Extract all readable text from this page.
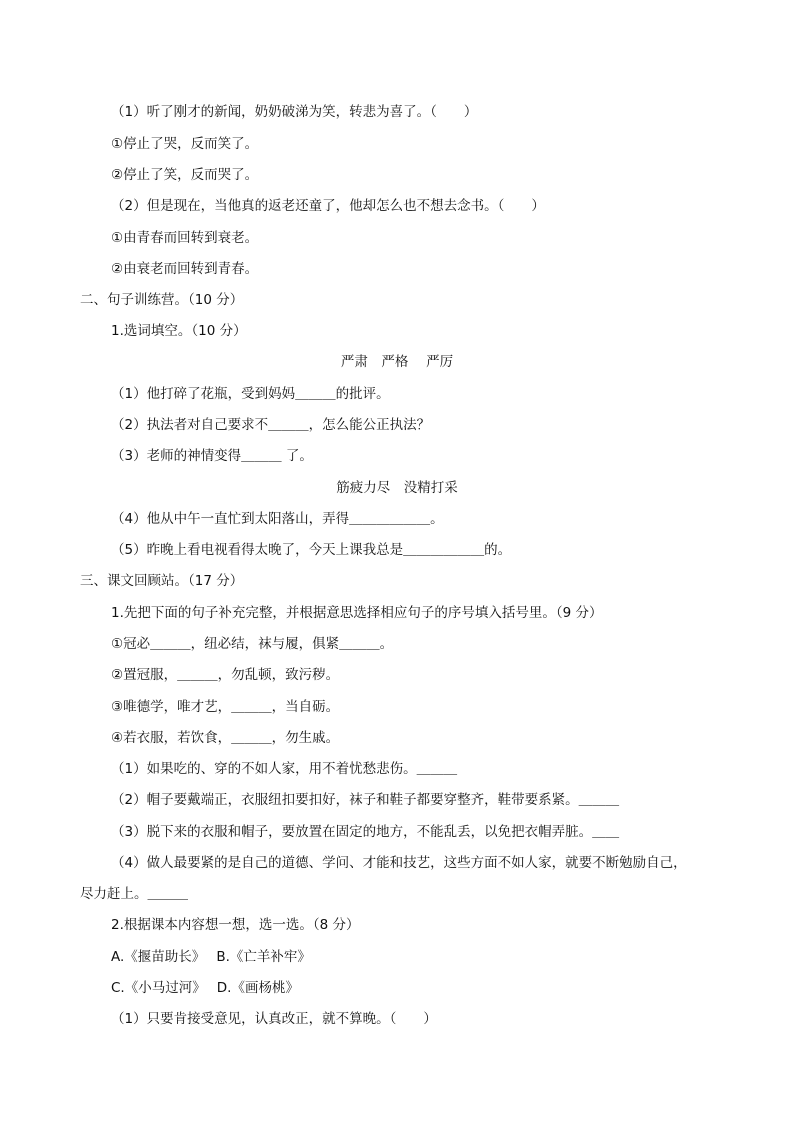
（1）听了刚才的新闻，奶奶破涕为笑，转悲为喜了。（　　）
①停止了哭，反而笑了。
②停止了笑，反而哭了。
（2）但是现在，当他真的返老还童了，他却怎么也不想去念书。（　　）
①由青春而回转到衰老。
②由衰老而回转到青春。
二、句子训练营。（10 分）
1.选词填空。（10 分）
严肃　严格　 严厉
（1）他打碎了花瓶，受到妈妈＿＿＿的批评。
（2）执法者对自己要求不＿＿＿，怎么能公正执法？
（3）老师的神情变得＿＿＿ 了。
筋疲力尽　没精打采
（4）他从中午一直忙到太阳落山，弄得＿＿＿＿＿＿。
（5）昨晚上看电视看得太晚了，今天上课我总是＿＿＿＿＿＿的。
三、课文回顾站。（17 分）
1.先把下面的句子补充完整，并根据意思选择相应句子的序号填入括号里。（9 分）
①冠必＿＿＿，纽必结，袜与履，俱紧＿＿＿。
②置冠服，＿＿＿，勿乱顿，致污秽。
③唯德学，唯才艺，＿＿＿，当自砺。
④若衣服，若饮食，＿＿＿，勿生戚。
（1）如果吃的、穿的不如人家，用不着忧愁悲伤。＿＿＿
（2）帽子要戴端正，衣服纽扣要扣好，袜子和鞋子都要穿整齐，鞋带要系紧。＿＿＿
（3）脱下来的衣服和帽子，要放置在固定的地方，不能乱丢，以免把衣帽弄脏。＿＿
（4）做人最要紧的是自己的道德、学问、才能和技艺，这些方面不如人家，就要不断勉励自己，
尽力赶上。＿＿＿
2.根据课本内容想一想，选一选。（8 分）
A.《揠苗助长》　 B.《亡羊补牢》
C.《小马过河》　 D.《画杨桃》
（1）只要肯接受意见，认真改正，就不算晚。（　　）
